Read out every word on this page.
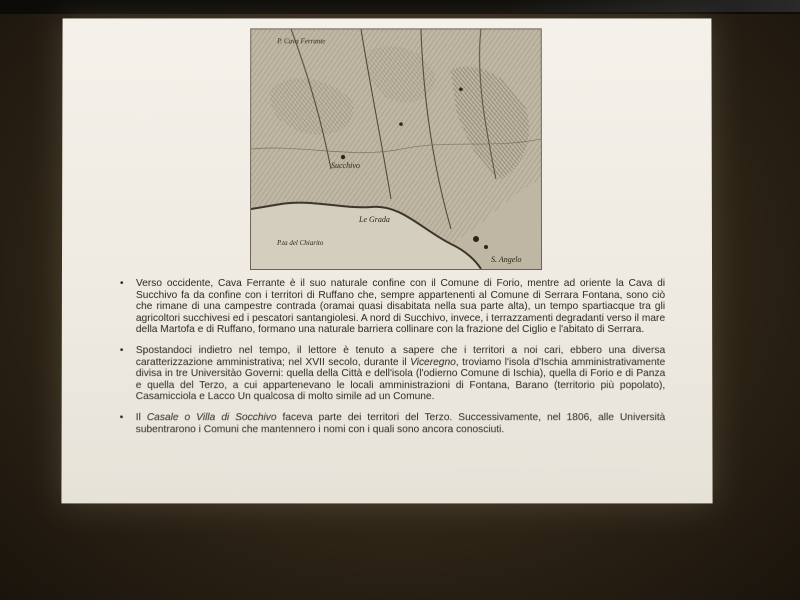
P. Cava Ferrante
Succhivo
Le Grada
P.ta del Chiarito
S. Angelo
• Verso occidente, Cava Ferrante è il suo naturale confine con il Comune di Forio, mentre ad oriente la Cava di Succhivo fa da confine con i territori di Ruffano che, sempre appartenenti al Comune di Serrara Fontana, sono ciò che rimane di una campestre contrada (oramai quasi disabitata nella sua parte alta), un tempo spartiacque tra gli agricoltori succhivesi ed i pescatori santangiolesi. A nord di Succhivo, invece, i terrazzamenti degradanti verso il mare della Martofa e di Ruffano, formano una naturale barriera collinare con la frazione del Ciglio e l'abitato di Serrara.
• Spostandoci indietro nel tempo, il lettore è tenuto a sapere che i territori a noi cari, ebbero una diversa caratterizzazione amministrativa; nel XVII secolo, durante il Viceregno, troviamo l'isola d'Ischia amministrativamente divisa in tre Universitào Governi: quella della Città e dell'isola (l'odierno Comune di Ischia), quella di Forio e di Panza e quella del Terzo, a cui appartenevano le locali amministrazioni di Fontana, Barano (territorio più popolato), Casamicciola e Lacco Un qualcosa di molto simile ad un Comune.
• Il Casale o Villa di Socchivo faceva parte dei territori del Terzo. Successivamente, nel 1806, alle Università subentrarono i Comuni che mantennero i nomi con i quali sono ancora conosciuti.
